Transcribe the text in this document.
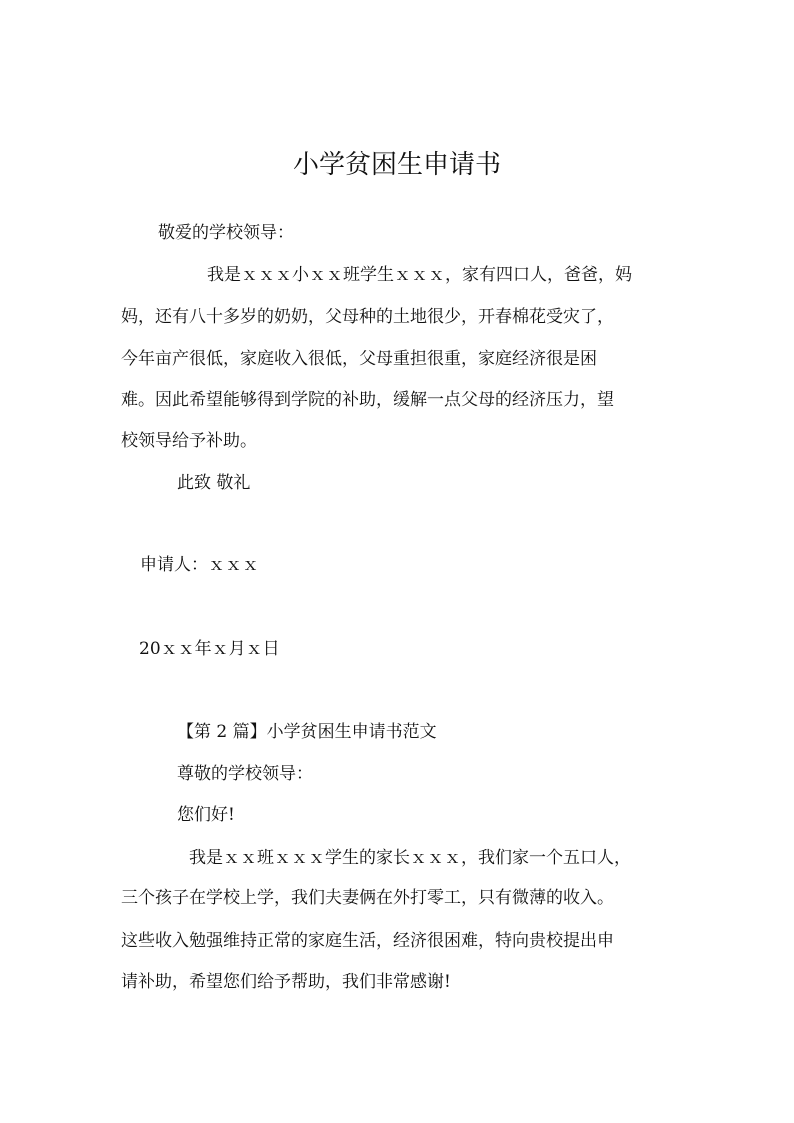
小学贫困生申请书
敬爱的学校领导：
我是ｘｘｘ小ｘｘ班学生ｘｘｘ，家有四口人，爸爸，妈
妈，还有八十多岁的奶奶，父母种的土地很少，开春棉花受灾了，
今年亩产很低，家庭收入很低，父母重担很重，家庭经济很是困
难。因此希望能够得到学院的补助，缓解一点父母的经济压力，望
校领导给予补助。
此致 敬礼
申请人：ｘｘｘ
20ｘｘ年ｘ月ｘ日
【第 2 篇】小学贫困生申请书范文
尊敬的学校领导：
您们好!
我是ｘｘ班ｘｘｘ学生的家长ｘｘｘ，我们家一个五口人，
三个孩子在学校上学，我们夫妻俩在外打零工，只有微薄的收入。
这些收入勉强维持正常的家庭生活，经济很困难，特向贵校提出申
请补助，希望您们给予帮助，我们非常感谢!
